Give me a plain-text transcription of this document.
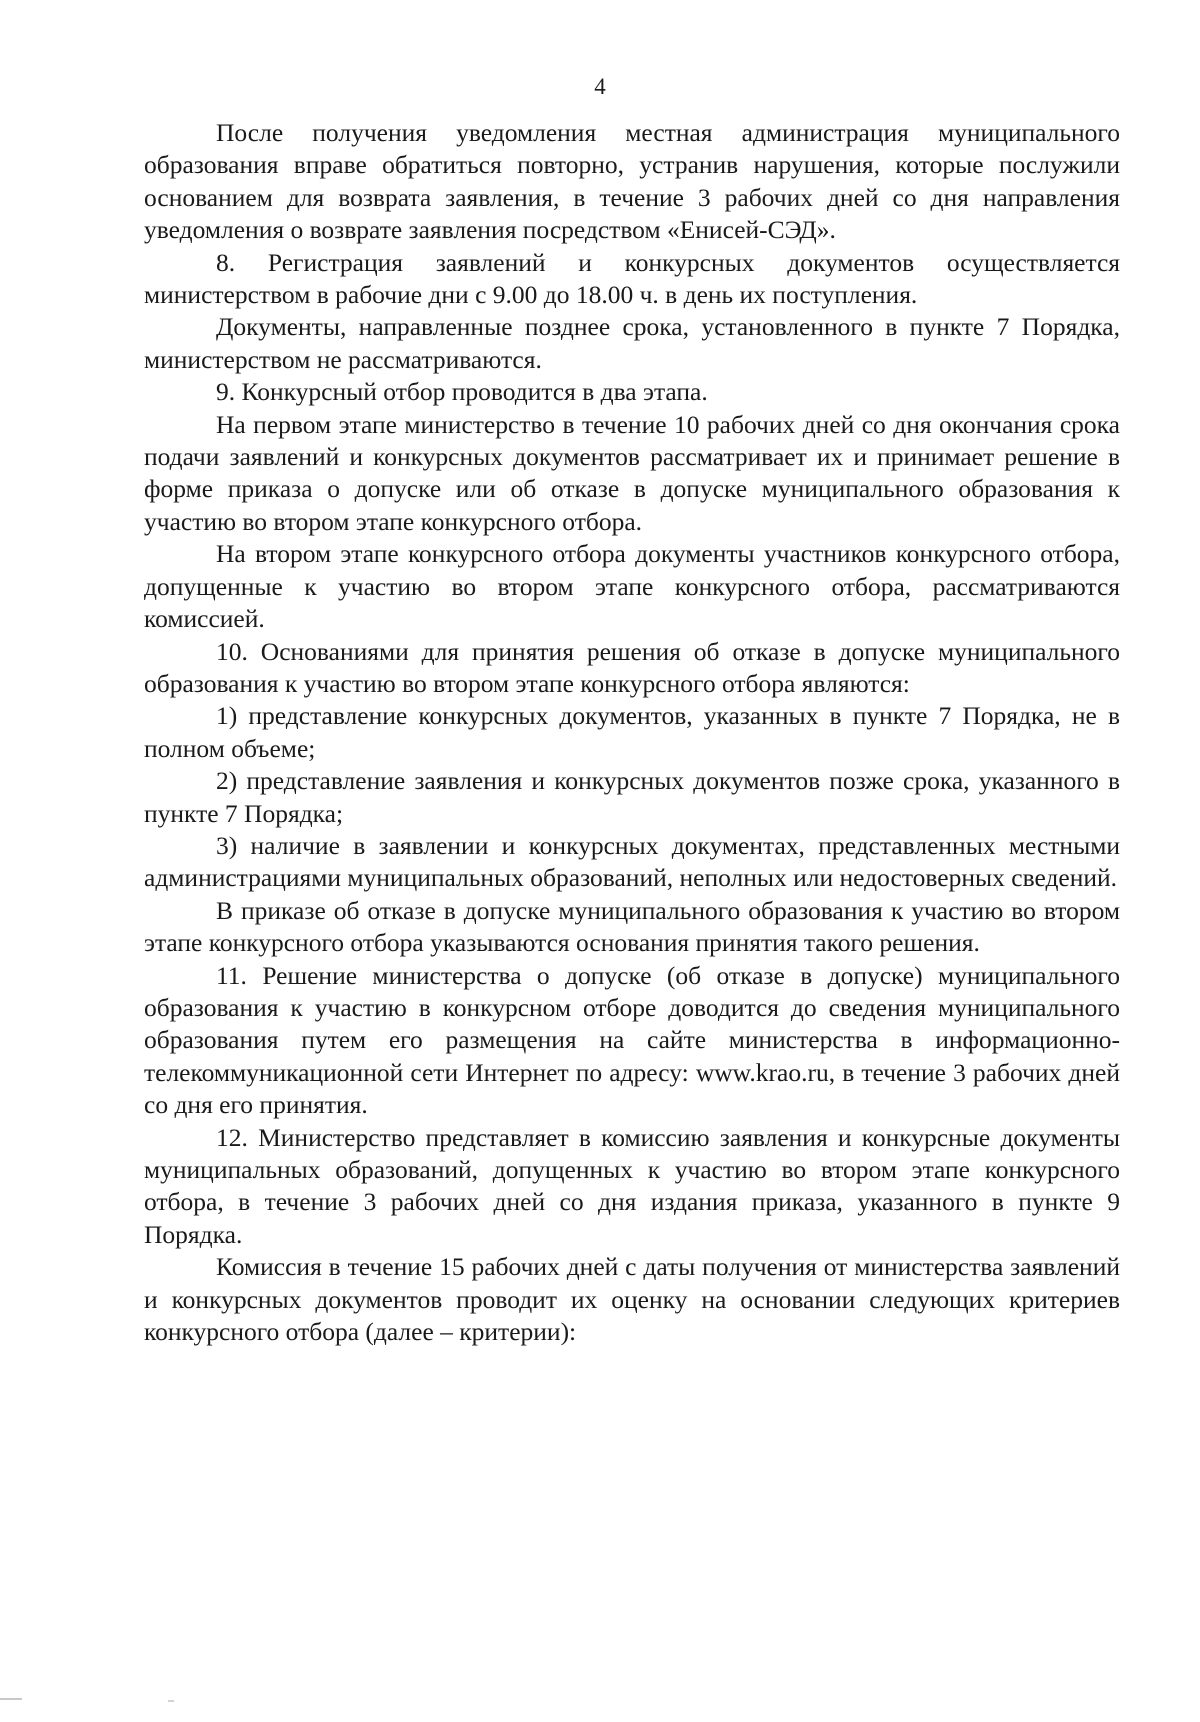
4

После получения уведомления местная администрация муниципального образования вправе обратиться повторно, устранив нарушения, которые послужили основанием для возврата заявления, в течение 3 рабочих дней со дня направления уведомления о возврате заявления посредством «Енисей-СЭД».

8. Регистрация заявлений и конкурсных документов осуществляется министерством в рабочие дни с 9.00 до 18.00 ч. в день их поступления.

Документы, направленные позднее срока, установленного в пункте 7 Порядка, министерством не рассматриваются.

9. Конкурсный отбор проводится в два этапа.

На первом этапе министерство в течение 10 рабочих дней со дня окончания срока подачи заявлений и конкурсных документов рассматривает их и принимает решение в форме приказа о допуске или об отказе в допуске муниципального образования к участию во втором этапе конкурсного отбора.

На втором этапе конкурсного отбора документы участников конкурсного отбора, допущенные к участию во втором этапе конкурсного отбора, рассматриваются комиссией.

10. Основаниями для принятия решения об отказе в допуске муниципального образования к участию во втором этапе конкурсного отбора являются:

1) представление конкурсных документов, указанных в пункте 7 Порядка, не в полном объеме;

2) представление заявления и конкурсных документов позже срока, указанного в пункте 7 Порядка;

3) наличие в заявлении и конкурсных документах, представленных местными администрациями муниципальных образований, неполных или недостоверных сведений.

В приказе об отказе в допуске муниципального образования к участию во втором этапе конкурсного отбора указываются основания принятия такого решения.

11. Решение министерства о допуске (об отказе в допуске) муниципального образования к участию в конкурсном отборе доводится до сведения муниципального образования путем его размещения на сайте министерства в информационно-телекоммуникационной сети Интернет по адресу: www.krao.ru, в течение 3 рабочих дней со дня его принятия.

12. Министерство представляет в комиссию заявления и конкурсные документы муниципальных образований, допущенных к участию во втором этапе конкурсного отбора, в течение 3 рабочих дней со дня издания приказа, указанного в пункте 9 Порядка.

Комиссия в течение 15 рабочих дней с даты получения от министерства заявлений и конкурсных документов проводит их оценку на основании следующих критериев конкурсного отбора (далее – критерии):
